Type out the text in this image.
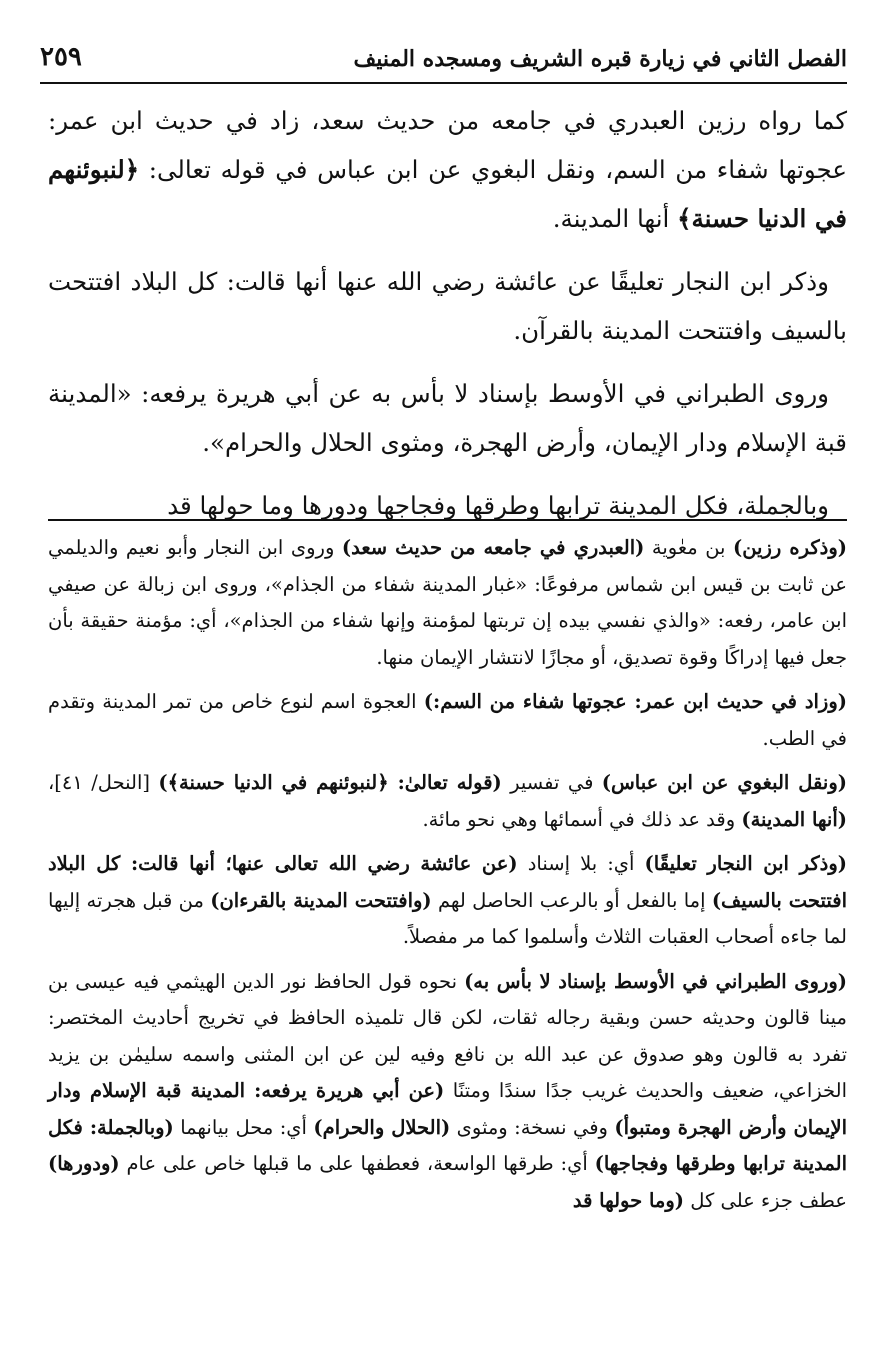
الفصل الثاني في زيارة قبره الشريف ومسجده المنيف
٢٥٩

كما رواه رزين العبدري في جامعه من حديث سعد، زاد في حديث ابن عمر: عجوتها شفاء من السم، ونقل البغوي عن ابن عباس في قوله تعالى: ﴿لنبوئنهم في الدنيا حسنة﴾ أنها المدينة.

وذكر ابن النجار تعليقًا عن عائشة رضي الله عنها أنها قالت: كل البلاد افتتحت بالسيف وافتتحت المدينة بالقرآن.

وروى الطبراني في الأوسط بإسناد لا بأس به عن أبي هريرة يرفعه: «المدينة قبة الإسلام ودار الإيمان، وأرض الهجرة، ومثوى الحلال والحرام».

وبالجملة، فكل المدينة ترابها وطرقها وفجاجها ودورها وما حولها قد

(وذكره رزين) بن معٰوية (العبدري في جامعه من حديث سعد) وروى ابن النجار وأبو نعيم والديلمي عن ثابت بن قيس ابن شماس مرفوعًا: «غبار المدينة شفاء من الجذام»، وروى ابن زبالة عن صيفي ابن عامر، رفعه: «والذي نفسي بيده إن تربتها لمؤمنة وإنها شفاء من الجذام»، أي: مؤمنة حقيقة بأن جعل فيها إدراكًا وقوة تصديق، أو مجازًا لانتشار الإيمان منها.

(وزاد في حديث ابن عمر: عجوتها شفاء من السم:) العجوة اسم لنوع خاص من تمر المدينة وتقدم في الطب.

(ونقل البغوي عن ابن عباس) في تفسير (قوله تعالىٰ: ﴿لنبوئنهم في الدنيا حسنة﴾) [النحل/ ٤١]، (أنها المدينة) وقد عد ذلك في أسمائها وهي نحو مائة.

(وذكر ابن النجار تعليقًا) أي: بلا إسناد (عن عائشة رضي الله تعالى عنها؛ أنها قالت: كل البلاد افتتحت بالسيف) إما بالفعل أو بالرعب الحاصل لهم (وافتتحت المدينة بالقرءان) من قبل هجرته إليها لما جاءه أصحاب العقبات الثلاث وأسلموا كما مر مفصلاً.

(وروى الطبراني في الأوسط بإسناد لا بأس به) نحوه قول الحافظ نور الدين الهيثمي فيه عيسى بن مينا قالون وحديثه حسن وبقية رجاله ثقات، لكن قال تلميذه الحافظ في تخريج أحاديث المختصر: تفرد به قالون وهو صدوق عن عبد الله بن نافع وفيه لين عن ابن المثنى واسمه سليمٰن بن يزيد الخزاعي، ضعيف والحديث غريب جدًا سندًا ومتنًا (عن أبي هريرة يرفعه: المدينة قبة الإسلام ودار الإيمان وأرض الهجرة ومتبوأ) وفي نسخة: ومثوى (الحلال والحرام) أي: محل بيانهما (وبالجملة: فكل المدينة ترابها وطرقها وفجاجها) أي: طرقها الواسعة، فعطفها على ما قبلها خاص على عام (ودورها) عطف جزء على كل (وما حولها قد
